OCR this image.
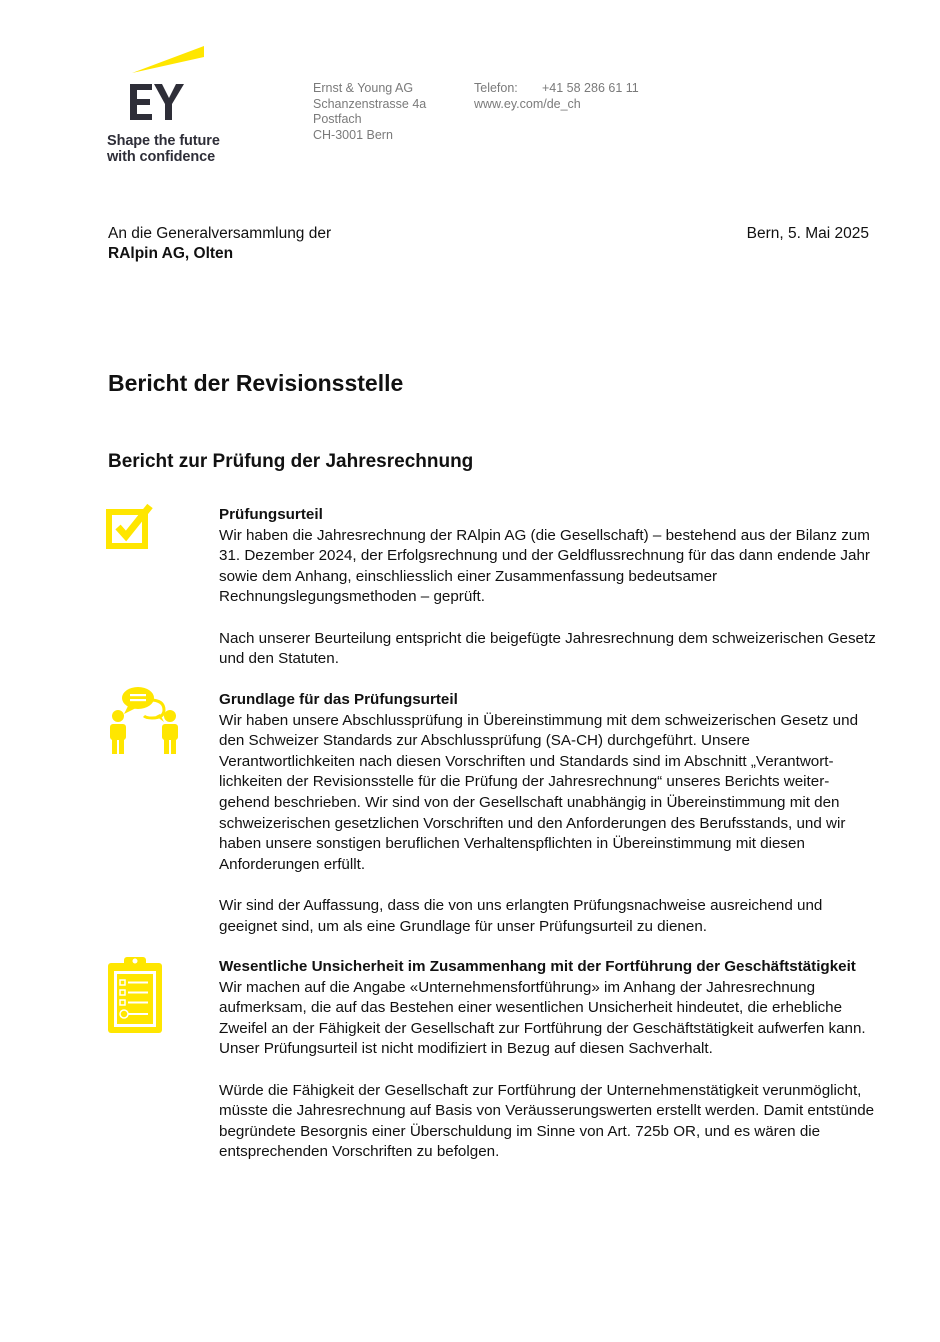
Shape the future
with confidence
Ernst & Young AG
Schanzenstrasse 4a
Postfach
CH-3001 Bern
Telefon: +41 58 286 61 11
www.ey.com/de_ch
An die Generalversammlung der
RAlpin AG, Olten
Bern, 5. Mai 2025
Bericht der Revisionsstelle
Bericht zur Prüfung der Jahresrechnung
Prüfungsurteil

Wir haben die Jahresrechnung der RAlpin AG (die Gesellschaft) – bestehend aus der Bilanz zum 31. Dezember 2024, der Erfolgsrechnung und der Geldflussrechnung für das dann endende Jahr sowie dem Anhang, einschliesslich einer Zusammenfassung bedeutsamer Rechnungslegungsmethoden – geprüft.

Nach unserer Beurteilung entspricht die beigefügte Jahresrechnung dem schweizerischen Gesetz und den Statuten.

Grundlage für das Prüfungsurteil

Wir haben unsere Abschlussprüfung in Übereinstimmung mit dem schweizerischen Gesetz und den Schweizer Standards zur Abschlussprüfung (SA-CH) durchgeführt. Unsere Verantwortlichkeiten nach diesen Vorschriften und Standards sind im Abschnitt „Verantwort-lichkeiten der Revisionsstelle für die Prüfung der Jahresrechnung“ unseres Berichts weiter-gehend beschrieben. Wir sind von der Gesellschaft unabhängig in Übereinstimmung mit den schweizerischen gesetzlichen Vorschriften und den Anforderungen des Berufsstands, und wir haben unsere sonstigen beruflichen Verhaltenspflichten in Übereinstimmung mit diesen Anforderungen erfüllt.

Wir sind der Auffassung, dass die von uns erlangten Prüfungsnachweise ausreichend und geeignet sind, um als eine Grundlage für unser Prüfungsurteil zu dienen.

Wesentliche Unsicherheit im Zusammenhang mit der Fortführung der Geschäftstätigkeit

Wir machen auf die Angabe «Unternehmensfortführung» im Anhang der Jahresrechnung aufmerksam, die auf das Bestehen einer wesentlichen Unsicherheit hindeutet, die erhebliche Zweifel an der Fähigkeit der Gesellschaft zur Fortführung der Geschäftstätigkeit aufwerfen kann. Unser Prüfungsurteil ist nicht modifiziert in Bezug auf diesen Sachverhalt.

Würde die Fähigkeit der Gesellschaft zur Fortführung der Unternehmenstätigkeit verunmöglicht, müsste die Jahresrechnung auf Basis von Veräusserungswerten erstellt werden. Damit entstünde begründete Besorgnis einer Überschuldung im Sinne von Art. 725b OR, und es wären die entsprechenden Vorschriften zu befolgen.
